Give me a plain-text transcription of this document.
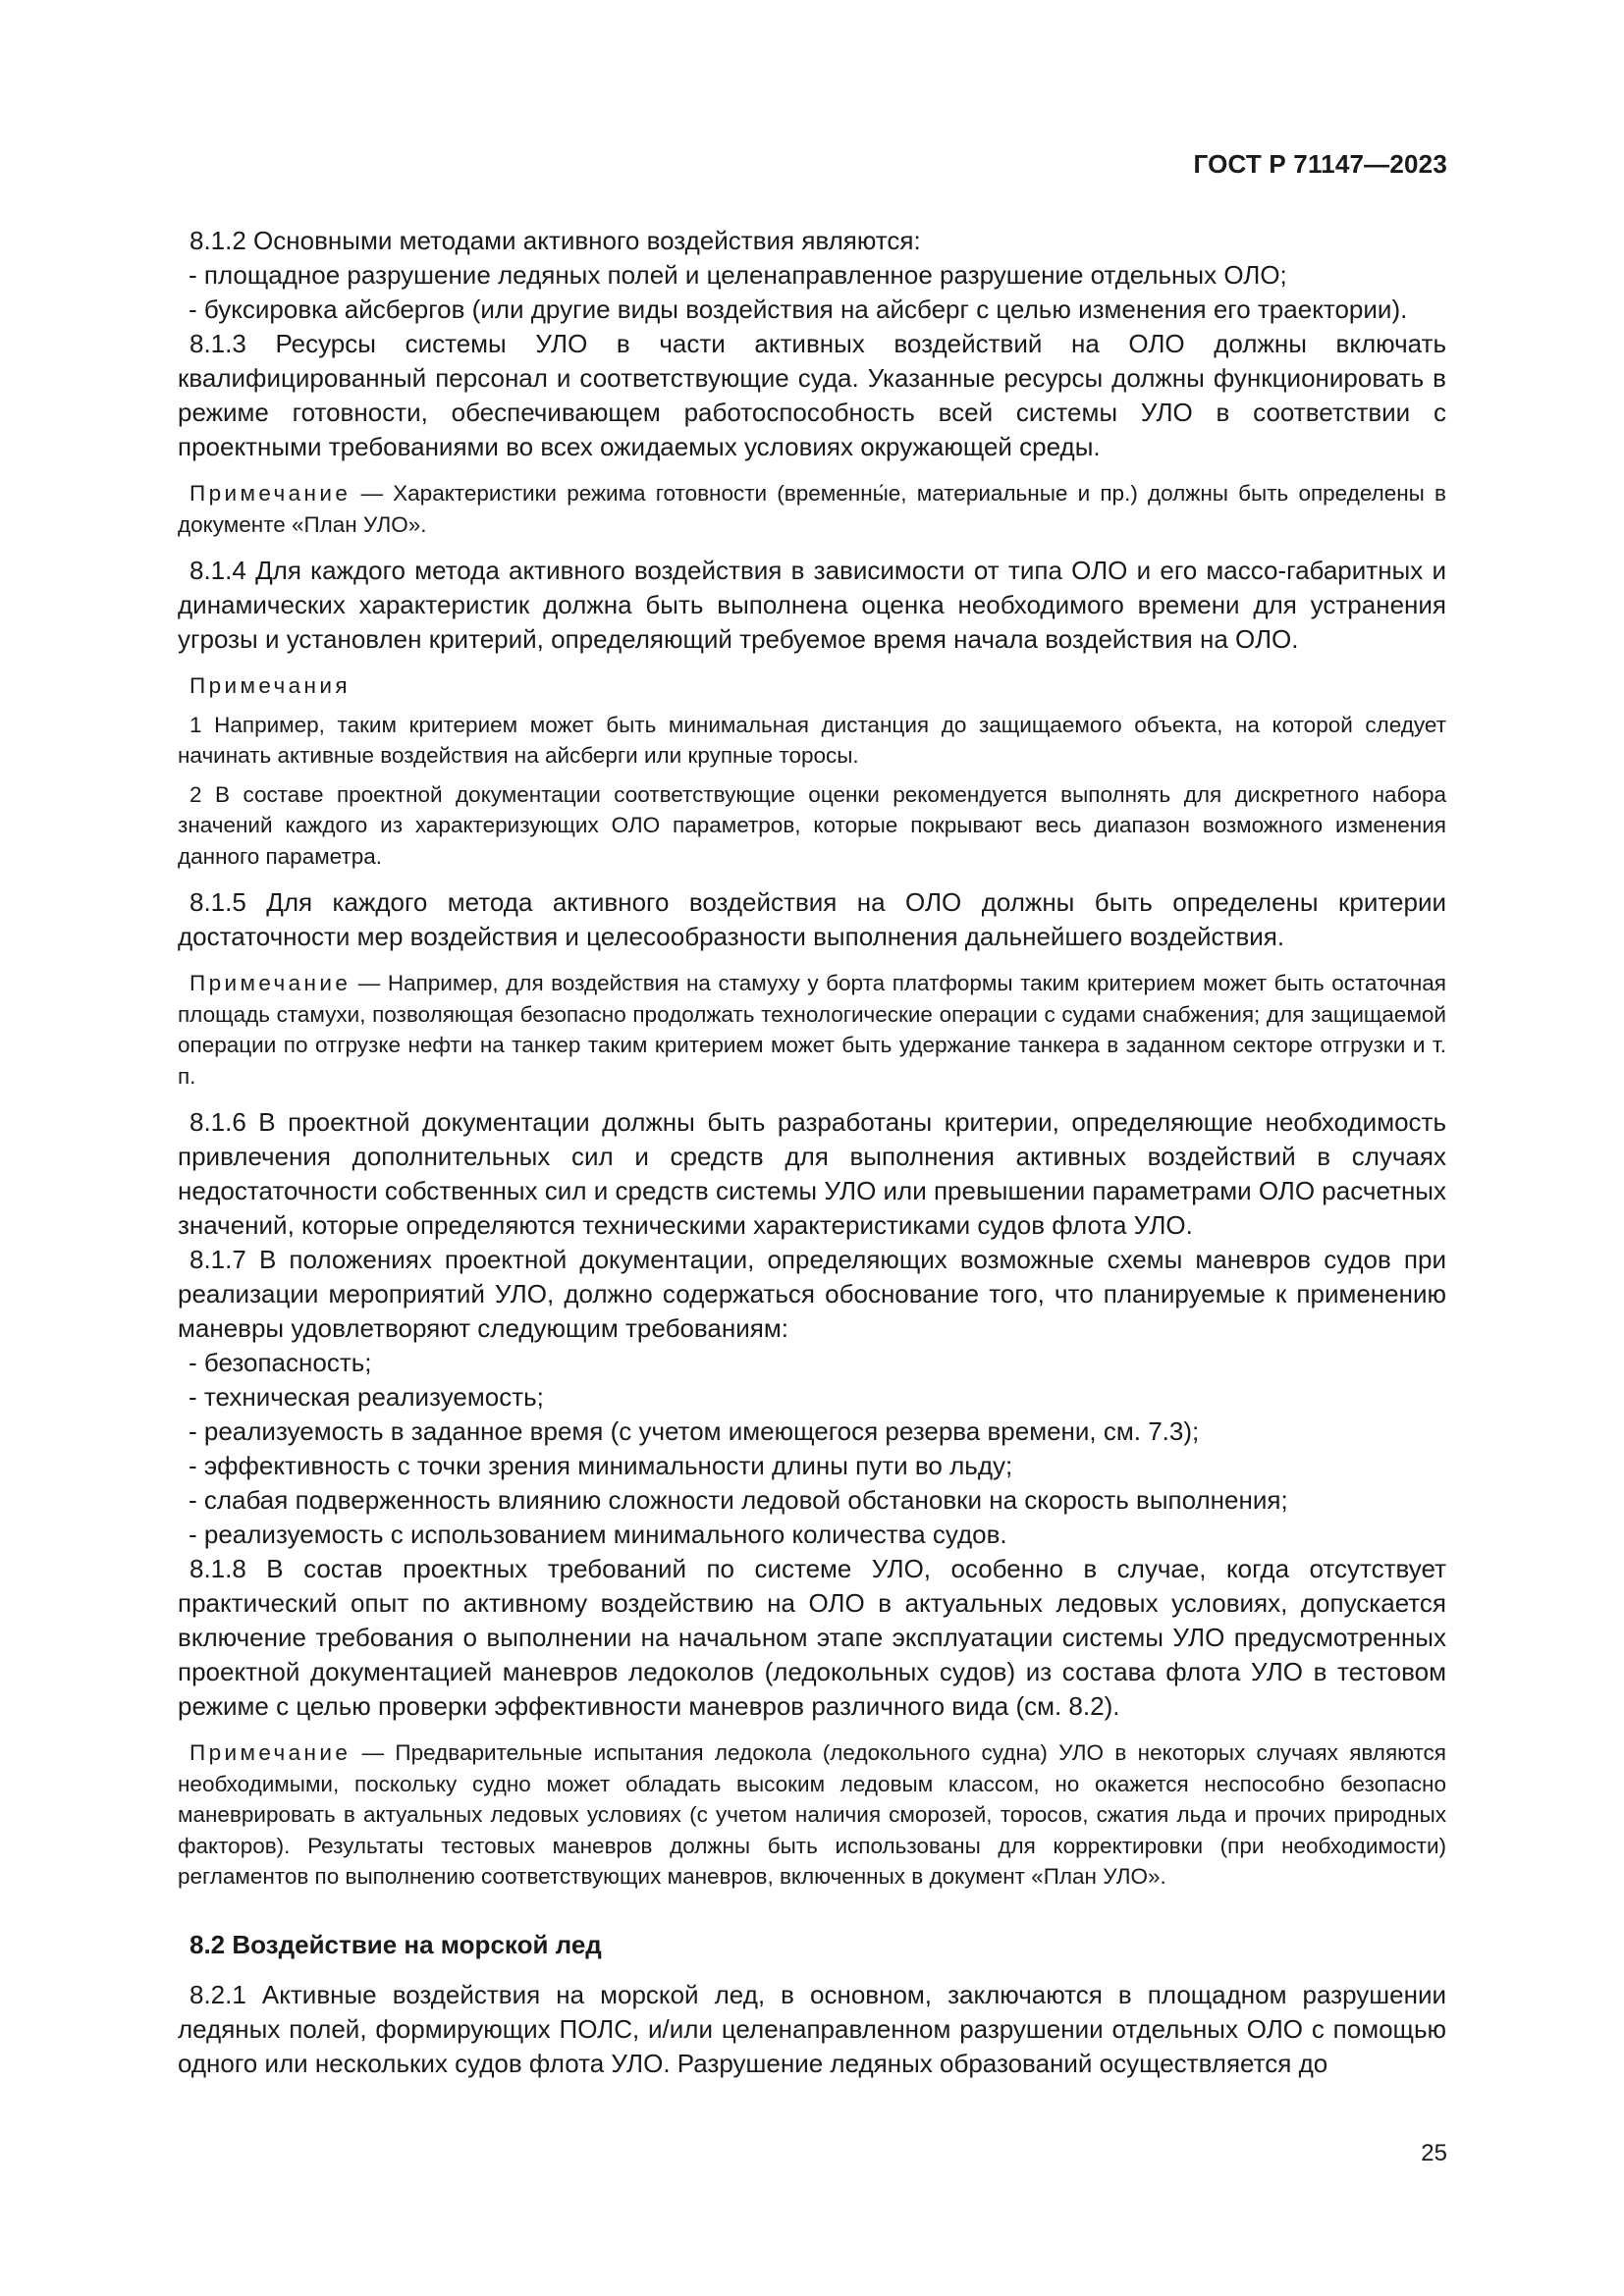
ГОСТ Р 71147—2023

8.1.2 Основными методами активного воздействия являются:

- площадное разрушение ледяных полей и целенаправленное разрушение отдельных ОЛО;

- буксировка айсбергов (или другие виды воздействия на айсберг с целью изменения его траектории).

8.1.3 Ресурсы системы УЛО в части активных воздействий на ОЛО должны включать квалифицированный персонал и соответствующие суда. Указанные ресурсы должны функционировать в режиме готовности, обеспечивающем работоспособность всей системы УЛО в соответствии с проектными требованиями во всех ожидаемых условиях окружающей среды.

Примечание — Характеристики режима готовности (временны́е, материальные и пр.) должны быть определены в документе «План УЛО».

8.1.4 Для каждого метода активного воздействия в зависимости от типа ОЛО и его массо-габаритных и динамических характеристик должна быть выполнена оценка необходимого времени для устранения угрозы и установлен критерий, определяющий требуемое время начала воздействия на ОЛО.

Примечания

1 Например, таким критерием может быть минимальная дистанция до защищаемого объекта, на которой следует начинать активные воздействия на айсберги или крупные торосы.

2 В составе проектной документации соответствующие оценки рекомендуется выполнять для дискретного набора значений каждого из характеризующих ОЛО параметров, которые покрывают весь диапазон возможного изменения данного параметра.

8.1.5 Для каждого метода активного воздействия на ОЛО должны быть определены критерии достаточности мер воздействия и целесообразности выполнения дальнейшего воздействия.

Примечание — Например, для воздействия на стамуху у борта платформы таким критерием может быть остаточная площадь стамухи, позволяющая безопасно продолжать технологические операции с судами снабжения; для защищаемой операции по отгрузке нефти на танкер таким критерием может быть удержание танкера в заданном секторе отгрузки и т. п.

8.1.6 В проектной документации должны быть разработаны критерии, определяющие необходимость привлечения дополнительных сил и средств для выполнения активных воздействий в случаях недостаточности собственных сил и средств системы УЛО или превышении параметрами ОЛО расчетных значений, которые определяются техническими характеристиками судов флота УЛО.

8.1.7 В положениях проектной документации, определяющих возможные схемы маневров судов при реализации мероприятий УЛО, должно содержаться обоснование того, что планируемые к применению маневры удовлетворяют следующим требованиям:

- безопасность;

- техническая реализуемость;

- реализуемость в заданное время (с учетом имеющегося резерва времени, см. 7.3);

- эффективность с точки зрения минимальности длины пути во льду;

- слабая подверженность влиянию сложности ледовой обстановки на скорость выполнения;

- реализуемость с использованием минимального количества судов.

8.1.8 В состав проектных требований по системе УЛО, особенно в случае, когда отсутствует практический опыт по активному воздействию на ОЛО в актуальных ледовых условиях, допускается включение требования о выполнении на начальном этапе эксплуатации системы УЛО предусмотренных проектной документацией маневров ледоколов (ледокольных судов) из состава флота УЛО в тестовом режиме с целью проверки эффективности маневров различного вида (см. 8.2).

Примечание — Предварительные испытания ледокола (ледокольного судна) УЛО в некоторых случаях являются необходимыми, поскольку судно может обладать высоким ледовым классом, но окажется неспособно безопасно маневрировать в актуальных ледовых условиях (с учетом наличия сморозей, торосов, сжатия льда и прочих природных факторов). Результаты тестовых маневров должны быть использованы для корректировки (при необходимости) регламентов по выполнению соответствующих маневров, включенных в документ «План УЛО».

8.2 Воздействие на морской лед

8.2.1 Активные воздействия на морской лед, в основном, заключаются в площадном разрушении ледяных полей, формирующих ПОЛС, и/или целенаправленном разрушении отдельных ОЛО с помощью одного или нескольких судов флота УЛО. Разрушение ледяных образований осуществляется до

25
